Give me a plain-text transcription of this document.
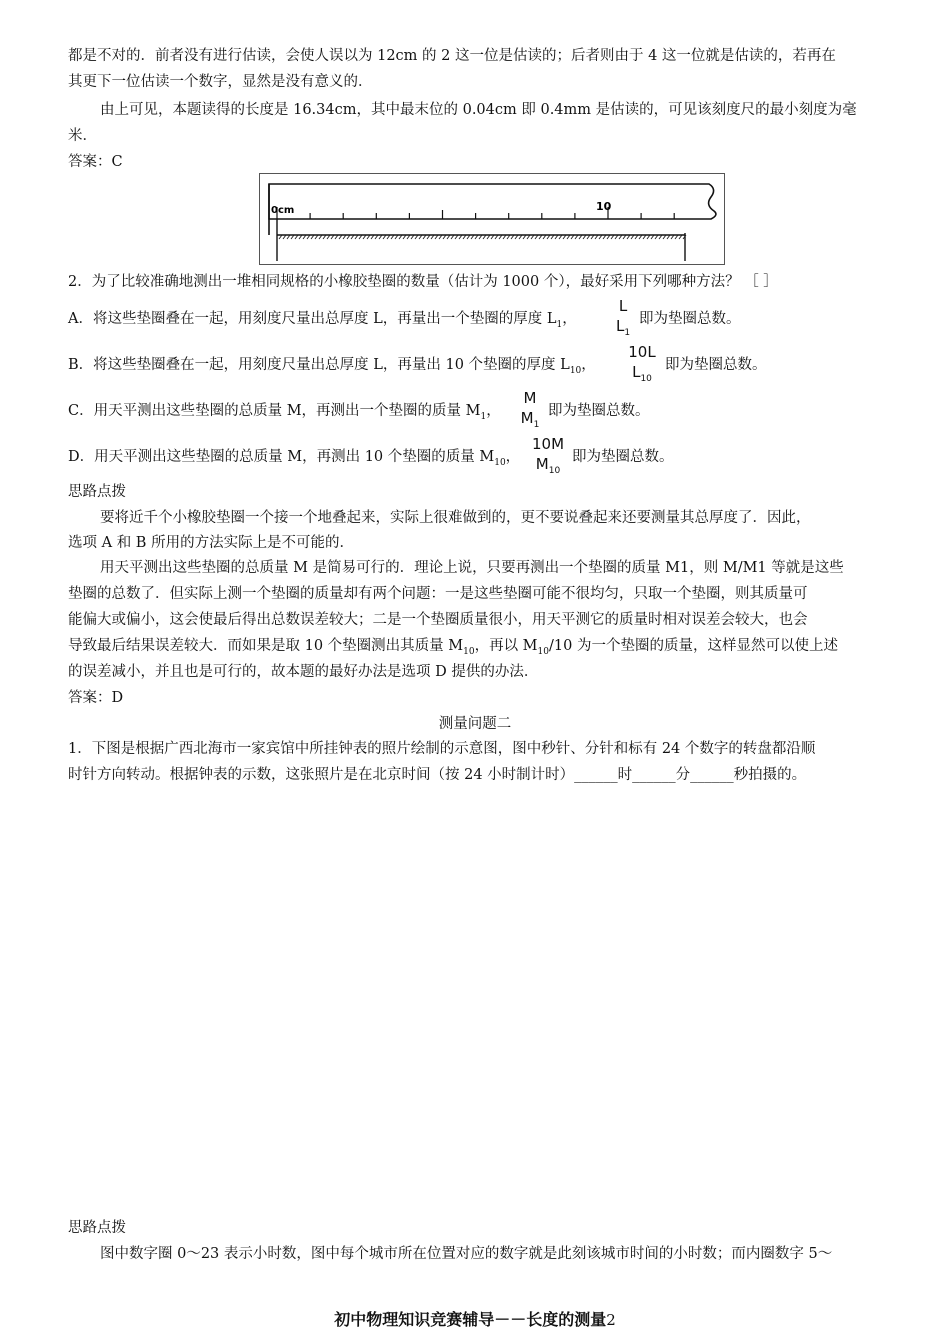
都是不对的．前者没有进行估读，会使人误以为 12cm 的 2 这一位是估读的；后者则由于 4 这一位就是估读的，若再在
其更下一位估读一个数字，显然是没有意义的．
由上可见，本题读得的长度是 16.34cm，其中最末位的 0.04cm 即 0.4mm 是估读的，可见该刻度尺的最小刻度为毫
米．
答案：C
0cm	10
2．为了比较准确地测出一堆相同规格的小橡胶垫圈的数量（估计为 1000 个），最好采用下列哪种方法？ ［ ］
A．将这些垫圈叠在一起，用刻度尺量出总厚度 L，再量出一个垫圈的厚度 $L_1$，
L
$L_1$
即为垫圈总数。
B．将这些垫圈叠在一起，用刻度尺量出总厚度 L，再量出 10 个垫圈的厚度 $L_{10}$，
10L
$L_{10}$
即为垫圈总数。
C．用天平测出这些垫圈的总质量 M，再测出一个垫圈的质量 $M_1$，
M
$M_1$
即为垫圈总数。
D．用天平测出这些垫圈的总质量 M，再测出 10 个垫圈的质量 $M_{10}$，
10M
$M_{10}$
即为垫圈总数。
思路点拨
要将近千个小橡胶垫圈一个接一个地叠起来，实际上很难做到的，更不要说叠起来还要测量其总厚度了．因此，
选项 A 和 B 所用的方法实际上是不可能的．
用天平测出这些垫圈的总质量 M 是简易可行的．理论上说，只要再测出一个垫圈的质量 M1，则 M/M1 等就是这些
垫圈的总数了．但实际上测一个垫圈的质量却有两个问题：一是这些垫圈可能不很均匀，只取一个垫圈，则其质量可
能偏大或偏小，这会使最后得出总数误差较大；二是一个垫圈质量很小，用天平测它的质量时相对误差会较大，也会
导致最后结果误差较大．而如果是取 10 个垫圈测出其质量 $M_{10}$，再以 $M_{10}/10$ 为一个垫圈的质量，这样显然可以使上述
的误差减小，并且也是可行的，故本题的最好办法是选项 D 提供的办法．
答案：D
测量问题二
1．下图是根据广西北海市一家宾馆中所挂钟表的照片绘制的示意图，图中秒针、分针和标有 24 个数字的转盘都沿顺
时针方向转动。根据钟表的示数，这张照片是在北京时间（按 24 小时制计时）______时______分______秒拍摄的。
思路点拨
图中数字圈 0～23 表示小时数，图中每个城市所在位置对应的数字就是此刻该城市时间的小时数；而内圈数字 5～
初中物理知识竞赛辅导－－长度的测量2
